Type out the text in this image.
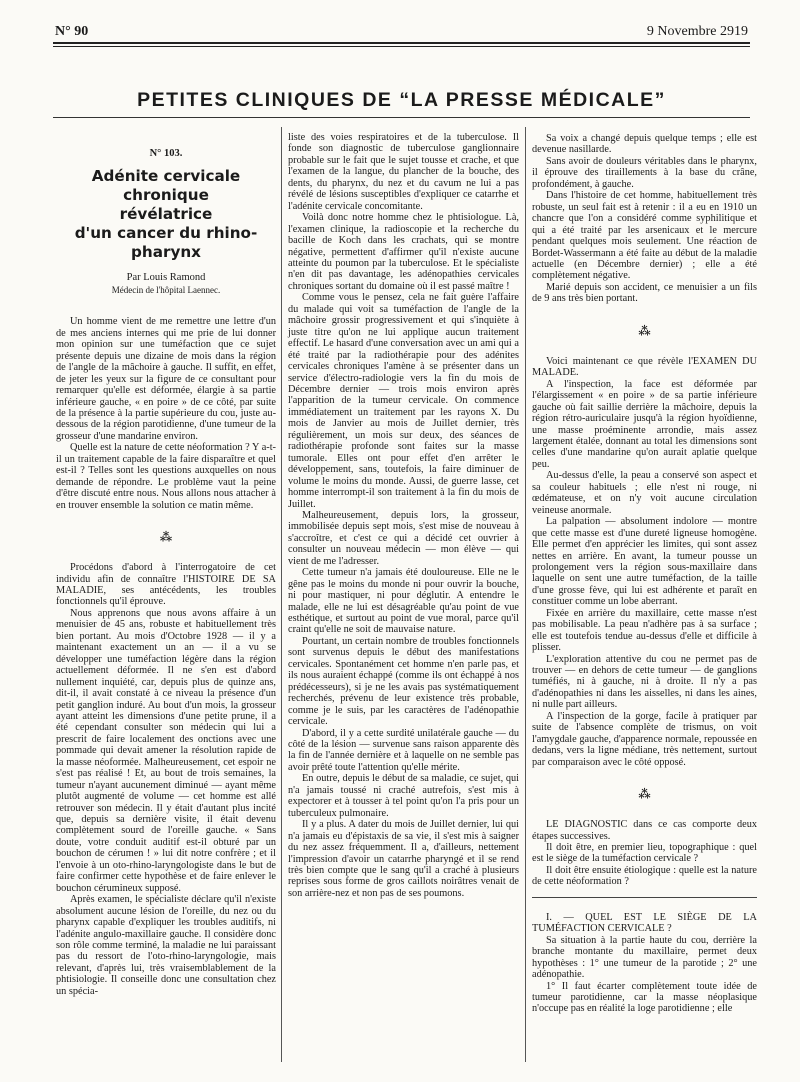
N° 90	9 Novembre 2919
PETITES CLINIQUES DE “LA PRESSE MÉDICALE”
N° 103.
Adénite cervicale chronique
révélatrice
d'un cancer du rhino-pharynx
Par Louis Ramond
Médecin de l'hôpital Laennec.

Un homme vient de me remettre une lettre d'un de mes anciens internes qui me prie de lui donner mon opinion sur une tuméfaction que ce sujet présente depuis une dizaine de mois dans la région de l'angle de la mâchoire à gauche. Il suffit, en effet, de jeter les yeux sur la figure de ce consultant pour remarquer qu'elle est déformée, élargie à sa partie inférieure gauche, « en poire » de ce côté, par suite de la présence à la partie supérieure du cou, juste au-dessous de la région parotidienne, d'une tumeur de la grosseur d'une mandarine environ.

Quelle est la nature de cette néoformation ? Y a-t-il un traitement capable de la faire disparaître et quel est-il ? Telles sont les questions auxquelles on nous demande de répondre. Le problème vaut la peine d'être discuté entre nous. Nous allons nous attacher à en trouver ensemble la solution ce matin même.

⁂

Procédons d'abord à l'interrogatoire de cet individu afin de connaître l'HISTOIRE DE SA MALADIE, ses antécédents, les troubles fonctionnels qu'il éprouve.

Nous apprenons que nous avons affaire à un menuisier de 45 ans, robuste et habituellement très bien portant. Au mois d'Octobre 1928 — il y a maintenant exactement un an — il a vu se développer une tuméfaction légère dans la région actuellement déformée. Il ne s'en est d'abord nullement inquiété, car, depuis plus de quinze ans, dit-il, il avait constaté à ce niveau la présence d'un petit ganglion induré. Au bout d'un mois, la grosseur ayant atteint les dimensions d'une petite prune, il a été cependant consulter son médecin qui lui a prescrit de faire localement des onctions avec une pommade qui devait amener la résolution rapide de la masse néoformée. Malheureusement, cet espoir ne s'est pas réalisé ! Et, au bout de trois semaines, la tumeur n'ayant aucunement diminué — ayant même plutôt augmenté de volume — cet homme est allé retrouver son médecin. Il y était d'autant plus incité que, depuis sa dernière visite, il était devenu complètement sourd de l'oreille gauche. « Sans doute, votre conduit auditif est-il obturé par un bouchon de cérumen ! » lui dit notre confrère ; et il l'envoie à un oto-rhino-laryngologiste dans le but de faire confirmer cette hypothèse et de faire enlever le bouchon cérumineux supposé.

Après examen, le spécialiste déclare qu'il n'existe absolument aucune lésion de l'oreille, du nez ou du pharynx capable d'expliquer les troubles auditifs, ni l'adénite angulo-maxillaire gauche. Il considère donc son rôle comme terminé, la maladie ne lui paraissant pas du ressort de l'oto-rhino-laryngologie, mais relevant, d'après lui, très vraisemblablement de la phtisiologie. Il conseille donc une consultation chez un spécia-

liste des voies respiratoires et de la tuberculose. Il fonde son diagnostic de tuberculose ganglionnaire probable sur le fait que le sujet tousse et crache, et que l'examen de la langue, du plancher de la bouche, des dents, du pharynx, du nez et du cavum ne lui a pas révélé de lésions susceptibles d'expliquer ce catarrhe et l'adénite cervicale concomitante.

Voilà donc notre homme chez le phtisiologue. Là, l'examen clinique, la radioscopie et la recherche du bacille de Koch dans les crachats, qui se montre négative, permettent d'affirmer qu'il n'existe aucune atteinte du poumon par la tuberculose. Et le spécialiste n'en dit pas davantage, les adénopathies cervicales chroniques sortant du domaine où il est passé maître !

Comme vous le pensez, cela ne fait guère l'affaire du malade qui voit sa tuméfaction de l'angle de la mâchoire grossir progressivement et qui s'inquiète à juste titre qu'on ne lui applique aucun traitement effectif. Le hasard d'une conversation avec un ami qui a été traité par la radiothérapie pour des adénites cervicales chroniques l'amène à se présenter dans un service d'électro-radiologie vers la fin du mois de Décembre dernier — trois mois environ après l'apparition de la tumeur cervicale. On commence immédiatement un traitement par les rayons X. Du mois de Janvier au mois de Juillet dernier, très régulièrement, un mois sur deux, des séances de radiothérapie profonde sont faites sur la masse tumorale. Elles ont pour effet d'en arrêter le développement, sans, toutefois, la faire diminuer de volume le moins du monde. Aussi, de guerre lasse, cet homme interrompt-il son traitement à la fin du mois de Juillet.

Malheureusement, depuis lors, la grosseur, immobilisée depuis sept mois, s'est mise de nouveau à s'accroître, et c'est ce qui a décidé cet ouvrier à consulter un nouveau médecin — mon élève — qui vient de me l'adresser.

Cette tumeur n'a jamais été douloureuse. Elle ne le gêne pas le moins du monde ni pour ouvrir la bouche, ni pour mastiquer, ni pour déglutir. A entendre le malade, elle ne lui est désagréable qu'au point de vue esthétique, et surtout au point de vue moral, parce qu'il craint qu'elle ne soit de mauvaise nature.

Pourtant, un certain nombre de troubles fonctionnels sont survenus depuis le début des manifestations cervicales. Spontanément cet homme n'en parle pas, et ils nous auraient échappé (comme ils ont échappé à nos prédécesseurs), si je ne les avais pas systématiquement recherchés, prévenu de leur existence très probable, comme je le suis, par les caractères de l'adénopathie cervicale.

D'abord, il y a cette surdité unilatérale gauche — du côté de la lésion — survenue sans raison apparente dès la fin de l'année dernière et à laquelle on ne semble pas avoir prêté toute l'attention qu'elle mérite.

En outre, depuis le début de sa maladie, ce sujet, qui n'a jamais toussé ni craché autrefois, s'est mis à expectorer et à tousser à tel point qu'on l'a pris pour un tuberculeux pulmonaire.

Il y a plus. A dater du mois de Juillet dernier, lui qui n'a jamais eu d'épistaxis de sa vie, il s'est mis à saigner du nez assez fréquemment. Il a, d'ailleurs, nettement l'impression d'avoir un catarrhe pharyngé et il se rend très bien compte que le sang qu'il a craché à plusieurs reprises sous forme de gros caillots noirâtres venait de son arrière-nez et non pas de ses poumons.

Sa voix a changé depuis quelque temps ; elle est devenue nasillarde.

Sans avoir de douleurs véritables dans le pharynx, il éprouve des tiraillements à la base du crâne, profondément, à gauche.

Dans l'histoire de cet homme, habituellement très robuste, un seul fait est à retenir : il a eu en 1910 un chancre que l'on a considéré comme syphilitique et qui a été traité par les arsenicaux et le mercure pendant quelques mois seulement. Une réaction de Bordet-Wassermann a été faite au début de la maladie actuelle (en Décembre dernier) ; elle a été complètement négative.

Marié depuis son accident, ce menuisier a un fils de 9 ans très bien portant.

⁂

Voici maintenant ce que révèle l'EXAMEN DU MALADE.

A l'inspection, la face est déformée par l'élargissement « en poire » de sa partie inférieure gauche où fait saillie derrière la mâchoire, depuis la région rétro-auriculaire jusqu'à la région hyoïdienne, une masse proéminente arrondie, mais assez largement étalée, donnant au total les dimensions sont celles d'une mandarine qu'on aurait aplatie quelque peu.

Au-dessus d'elle, la peau a conservé son aspect et sa couleur habituels ; elle n'est ni rouge, ni œdémateuse, et on n'y voit aucune circulation veineuse anormale.

La palpation — absolument indolore — montre que cette masse est d'une dureté ligneuse homogène. Elle permet d'en apprécier les limites, qui sont assez nettes en arrière. En avant, la tumeur pousse un prolongement vers la région sous-maxillaire dans laquelle on sent une autre tuméfaction, de la taille d'une grosse fève, qui lui est adhérente et paraît en constituer comme un lobe aberrant.

Fixée en arrière du maxillaire, cette masse n'est pas mobilisable. La peau n'adhère pas à sa surface ; elle est toutefois tendue au-dessus d'elle et difficile à plisser.

L'exploration attentive du cou ne permet pas de trouver — en dehors de cette tumeur — de ganglions tuméfiés, ni à gauche, ni à droite. Il n'y a pas d'adénopathies ni dans les aisselles, ni dans les aines, ni nulle part ailleurs.

A l'inspection de la gorge, facile à pratiquer par suite de l'absence complète de trismus, on voit l'amygdale gauche, d'apparence normale, repoussée en dedans, vers la ligne médiane, très nettement, surtout par comparaison avec le côté opposé.

⁂

LE DIAGNOSTIC dans ce cas comporte deux étapes successives.

Il doit être, en premier lieu, topographique : quel est le siège de la tuméfaction cervicale ?

Il doit être ensuite étiologique : quelle est la nature de cette néoformation ?

I. — QUEL EST LE SIÈGE DE LA TUMÉFACTION CERVICALE ?

Sa situation à la partie haute du cou, derrière la branche montante du maxillaire, permet deux hypothèses : 1° une tumeur de la parotide ; 2° une adénopathie.

1° Il faut écarter complètement toute idée de tumeur parotidienne, car la masse néoplasique n'occupe pas en réalité la loge parotidienne ; elle
